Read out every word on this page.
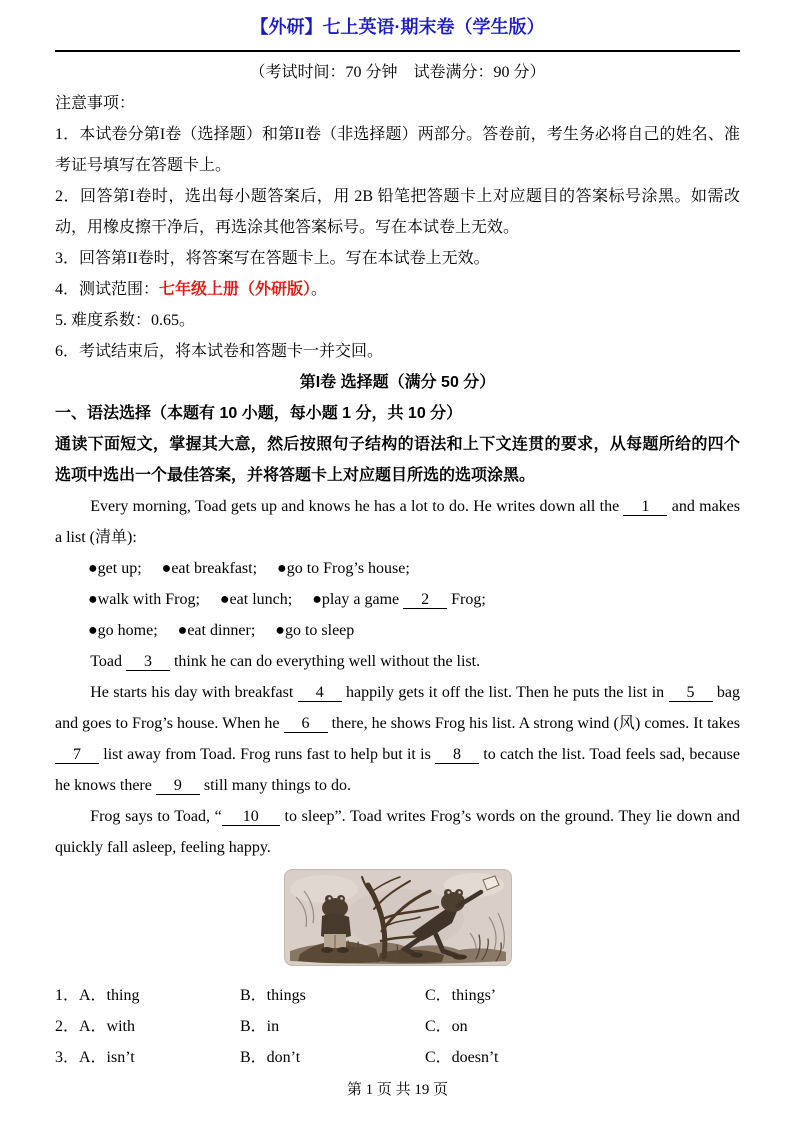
【外研】七上英语·期末卷（学生版）
（考试时间：70 分钟　试卷满分：90 分）

注意事项：

1．本试卷分第I卷（选择题）和第II卷（非选择题）两部分。答卷前，考生务必将自己的姓名、准考证号填写在答题卡上。

2．回答第I卷时，选出每小题答案后，用 2B 铅笔把答题卡上对应题目的答案标号涂黑。如需改动，用橡皮擦干净后，再选涂其他答案标号。写在本试卷上无效。

3．回答第II卷时，将答案写在答题卡上。写在本试卷上无效。

4．测试范围：七年级上册（外研版）。

5. 难度系数：0.65。

6．考试结束后，将本试卷和答题卡一并交回。

第I卷 选择题（满分 50 分）
一、语法选择（本题有 10 小题，每小题 1 分，共 10 分）
通读下面短文，掌握其大意，然后按照句子结构的语法和上下文连贯的要求，从每题所给的四个选项中选出一个最佳答案，并将答题卡上对应题目所选的选项涂黑。
Every morning, Toad gets up and knows he has a lot to do. He writes down all the 1 and makes a list (清单):
●get up;　 ●eat breakfast;　 ●go to Frog’s house;
●walk with Frog;　 ●eat lunch;　 ●play a game 2 Frog;
●go home;　 ●eat dinner;　 ●go to sleep
Toad 3 think he can do everything well without the list.
He starts his day with breakfast 4 happily gets it off the list. Then he puts the list in 5 bag and goes to Frog’s house. When he 6 there, he shows Frog his list. A strong wind (风) comes. It takes 7 list away from Toad. Frog runs fast to help but it is 8 to catch the list. Toad feels sad, because he knows there 9 still many things to do.
Frog says to Toad, “ 10 to sleep”. Toad writes Frog’s words on the ground. They lie down and quickly fall asleep, feeling happy.
1．A．thing	B．things	C．things’
2．A．with	B．in	C．on
3．A．isn’t	B．don’t	C．doesn’t
第 1 页 共 19 页
